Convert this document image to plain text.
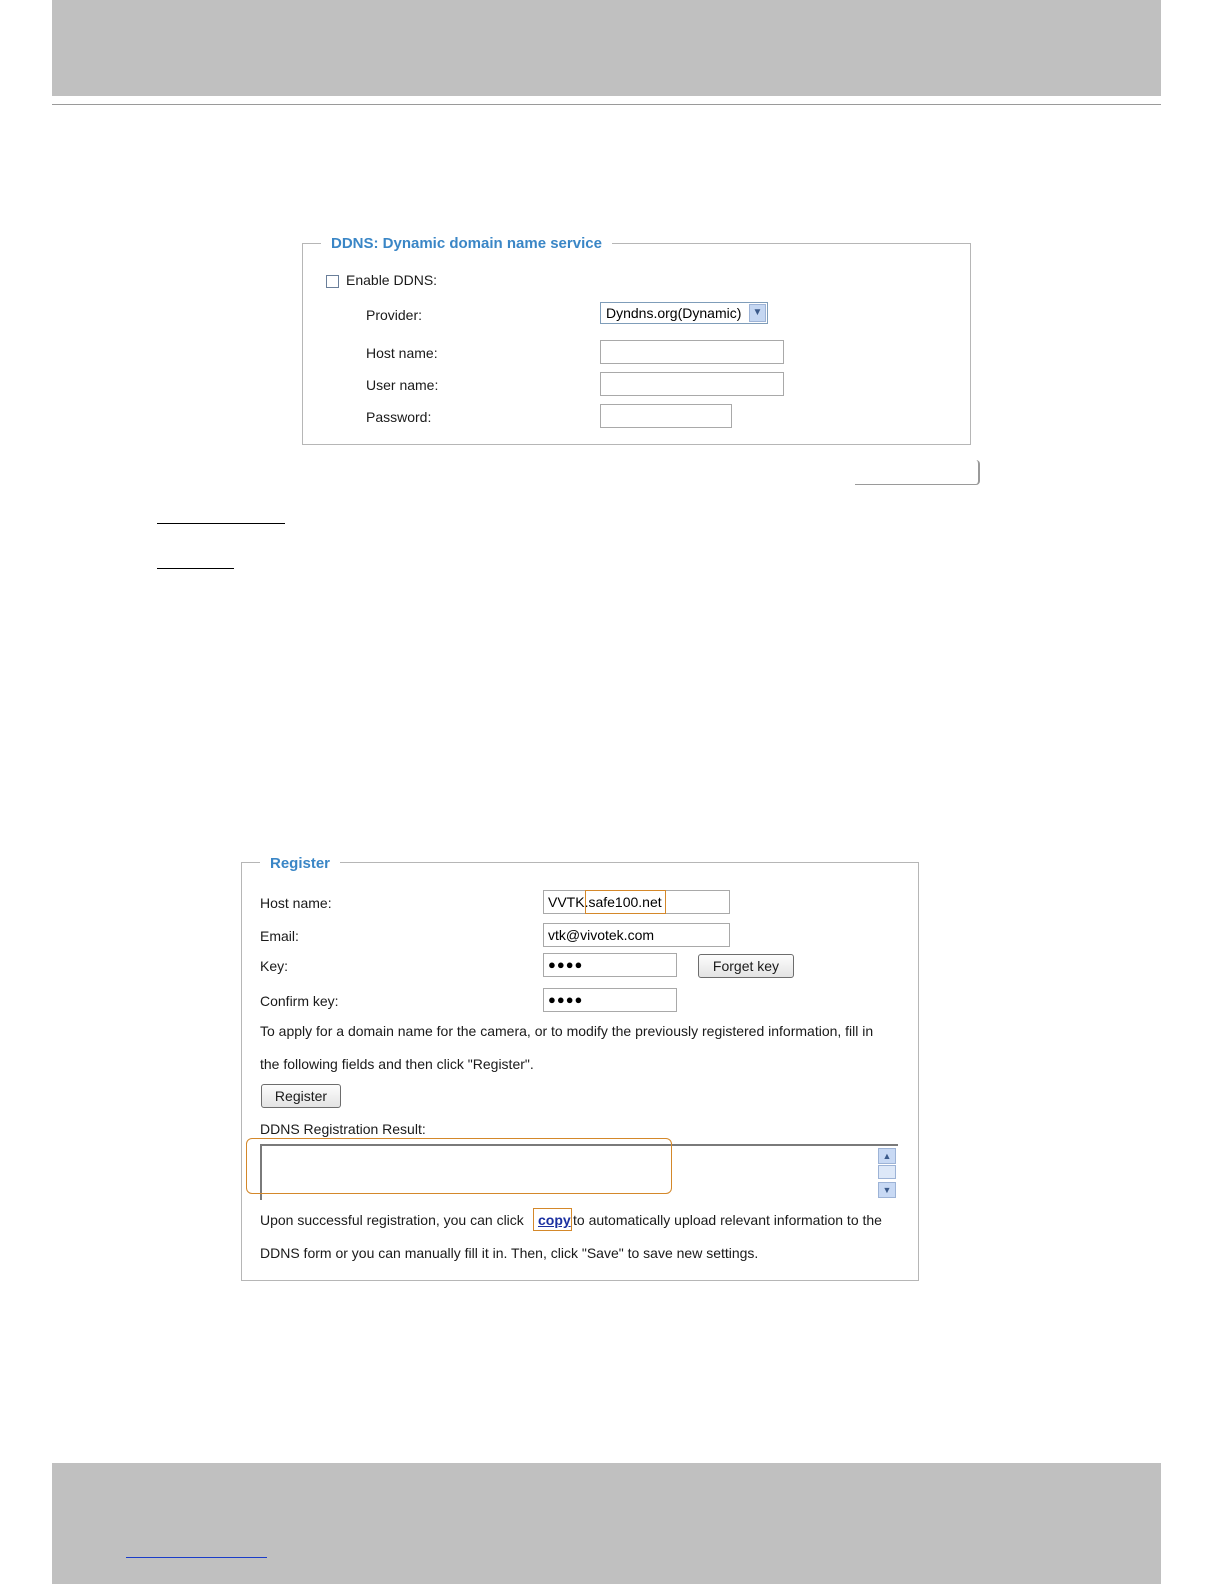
DDNS: Dynamic domain name service
Enable DDNS:
Provider:	Dyndns.org(Dynamic)	▼
Host name:
User name:
Password:
Register
Host name:	VVTK.safe100.net
Email:	vtk@vivotek.com
Key:	●●●●	Forget key
Confirm key:	●●●●
To apply for a domain name for the camera, or to modify the previously registered information, fill in
the following fields and then click "Register".
Register
DDNS Registration Result:
▲
▼
Upon successful registration, you can click copy to automatically upload relevant information to the
DDNS form or you can manually fill it in. Then, click "Save" to save new settings.
